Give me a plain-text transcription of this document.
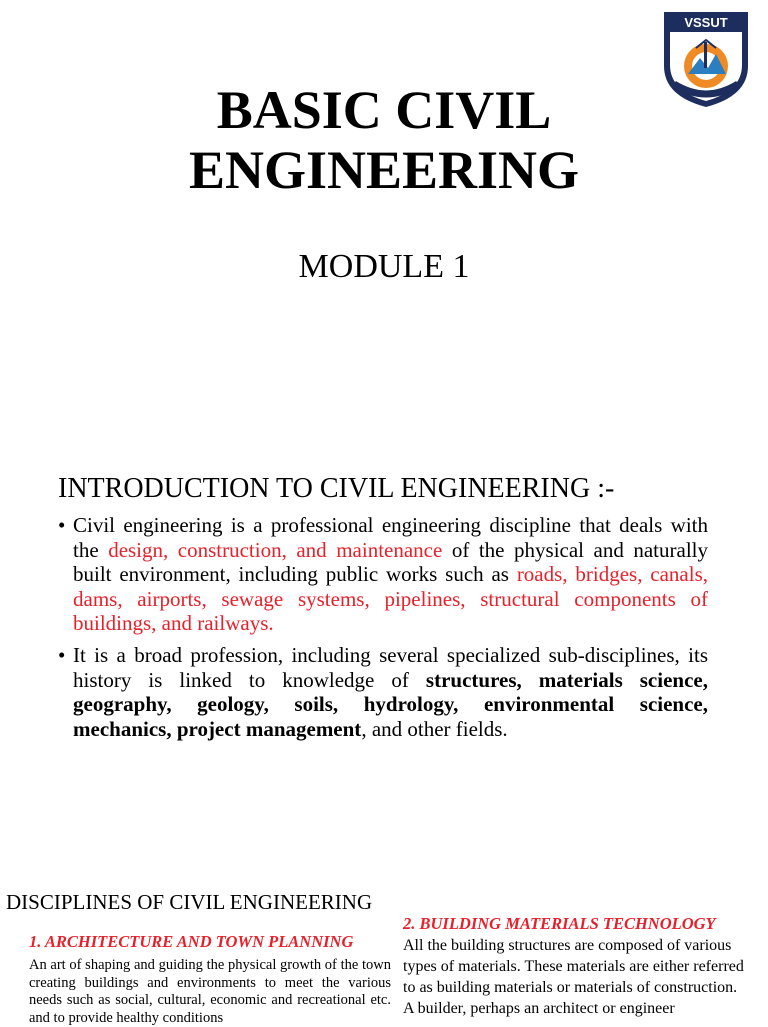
VSSUT
BASIC CIVIL
ENGINEERING
MODULE 1
INTRODUCTION TO CIVIL ENGINEERING :-
• Civil engineering is a professional engineering discipline that deals with the design, construction, and maintenance of the physical and naturally built environment, including public works such as roads, bridges, canals, dams, airports, sewage systems, pipelines, structural components of buildings, and railways.
• It is a broad profession, including several specialized sub-disciplines, its history is linked to knowledge of structures, materials science, geography, geology, soils, hydrology, environmental science, mechanics, project management, and other fields.
DISCIPLINES OF CIVIL ENGINEERING
1. ARCHITECTURE AND TOWN PLANNING
An art of shaping and guiding the physical growth of the town creating buildings and environments to meet the various needs such as social, cultural, economic and recreational etc. and to provide healthy conditions
2. BUILDING MATERIALS TECHNOLOGY
All the building structures are composed of various types of materials. These materials are either referred to as building materials or materials of construction. A builder, perhaps an architect or engineer
